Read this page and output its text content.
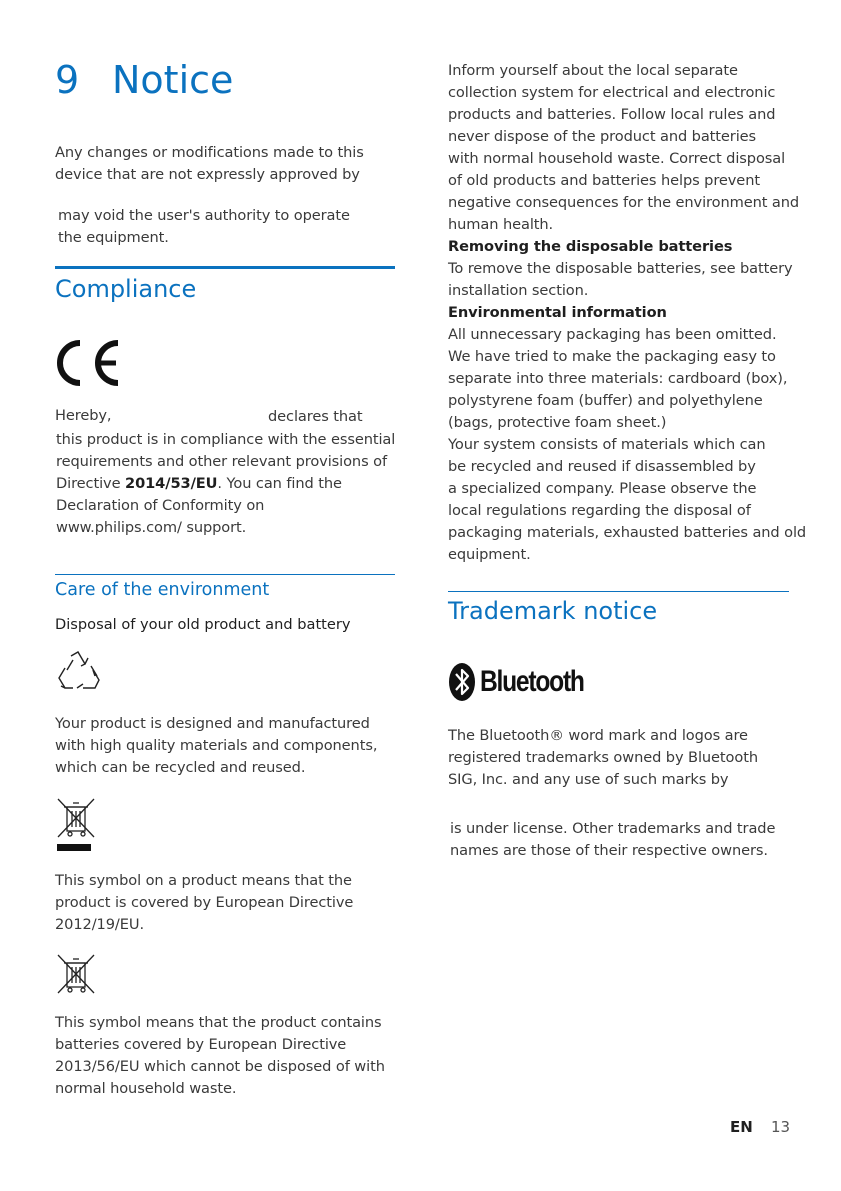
9 Notice
Any changes or modifications made to this
device that are not expressly approved by
may void the user's authority to operate
the equipment.
Compliance
Hereby,	declares that
this product is in compliance with the essential
requirements and other relevant provisions of
Directive 2014/53/EU. You can find the
Declaration of Conformity on
www.philips.com/ support.
Care of the environment
Disposal of your old product and battery
Your product is designed and manufactured
with high quality materials and components,
which can be recycled and reused.
This symbol on a product means that the
product is covered by European Directive
2012/19/EU.
This symbol means that the product contains
batteries covered by European Directive
2013/56/EU which cannot be disposed of with
normal household waste.
Inform yourself about the local separate
collection system for electrical and electronic
products and batteries. Follow local rules and
never dispose of the product and batteries
with normal household waste. Correct disposal
of old products and batteries helps prevent
negative consequences for the environment and
human health.
Removing the disposable batteries
To remove the disposable batteries, see battery
installation section.
Environmental information
All unnecessary packaging has been omitted.
We have tried to make the packaging easy to
separate into three materials: cardboard (box),
polystyrene foam (buffer) and polyethylene
(bags, protective foam sheet.)
Your system consists of materials which can
be recycled and reused if disassembled by
a specialized company. Please observe the
local regulations regarding the disposal of
packaging materials, exhausted batteries and old
equipment.
Trademark notice
Bluetooth
The Bluetooth® word mark and logos are
registered trademarks owned by Bluetooth
SIG, Inc. and any use of such marks by
is under license. Other trademarks and trade
names are those of their respective owners.
EN 13
